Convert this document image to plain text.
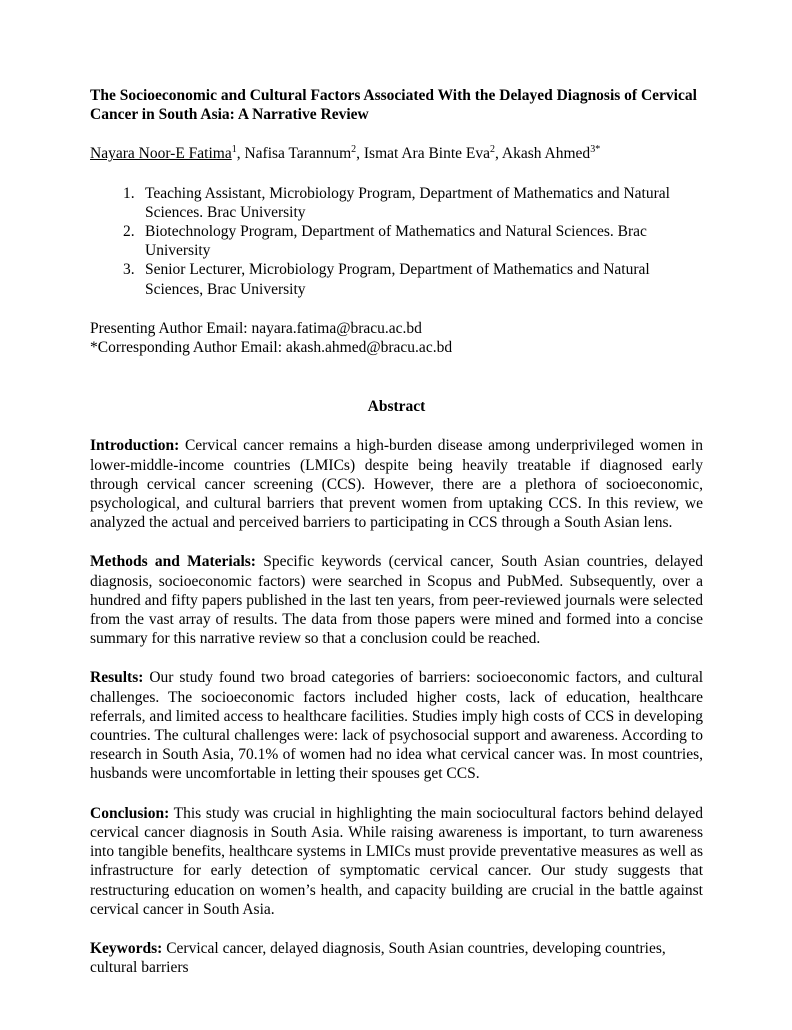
The Socioeconomic and Cultural Factors Associated With the Delayed Diagnosis of Cervical Cancer in South Asia: A Narrative Review

Nayara Noor-E Fatima$^1$, Nafisa Tarannum$^2$, Ismat Ara Binte Eva$^2$, Akash Ahmed$^{3*}$

1. Teaching Assistant, Microbiology Program, Department of Mathematics and Natural Sciences. Brac University
2. Biotechnology Program, Department of Mathematics and Natural Sciences. Brac University
3. Senior Lecturer, Microbiology Program, Department of Mathematics and Natural Sciences, Brac University

Presenting Author Email: nayara.fatima@bracu.ac.bd

*Corresponding Author Email: akash.ahmed@bracu.ac.bd

Abstract

Introduction: Cervical cancer remains a high-burden disease among underprivileged women in lower-middle-income countries (LMICs) despite being heavily treatable if diagnosed early through cervical cancer screening (CCS). However, there are a plethora of socioeconomic, psychological, and cultural barriers that prevent women from uptaking CCS. In this review, we analyzed the actual and perceived barriers to participating in CCS through a South Asian lens.

Methods and Materials: Specific keywords (cervical cancer, South Asian countries, delayed diagnosis, socioeconomic factors) were searched in Scopus and PubMed. Subsequently, over a hundred and fifty papers published in the last ten years, from peer-reviewed journals were selected from the vast array of results. The data from those papers were mined and formed into a concise summary for this narrative review so that a conclusion could be reached.

Results: Our study found two broad categories of barriers: socioeconomic factors, and cultural challenges. The socioeconomic factors included higher costs, lack of education, healthcare referrals, and limited access to healthcare facilities. Studies imply high costs of CCS in developing countries. The cultural challenges were: lack of psychosocial support and awareness. According to research in South Asia, 70.1% of women had no idea what cervical cancer was. In most countries, husbands were uncomfortable in letting their spouses get CCS.

Conclusion: This study was crucial in highlighting the main sociocultural factors behind delayed cervical cancer diagnosis in South Asia. While raising awareness is important, to turn awareness into tangible benefits, healthcare systems in LMICs must provide preventative measures as well as infrastructure for early detection of symptomatic cervical cancer. Our study suggests that restructuring education on women’s health, and capacity building are crucial in the battle against cervical cancer in South Asia.

Keywords: Cervical cancer, delayed diagnosis, South Asian countries, developing countries, cultural barriers
